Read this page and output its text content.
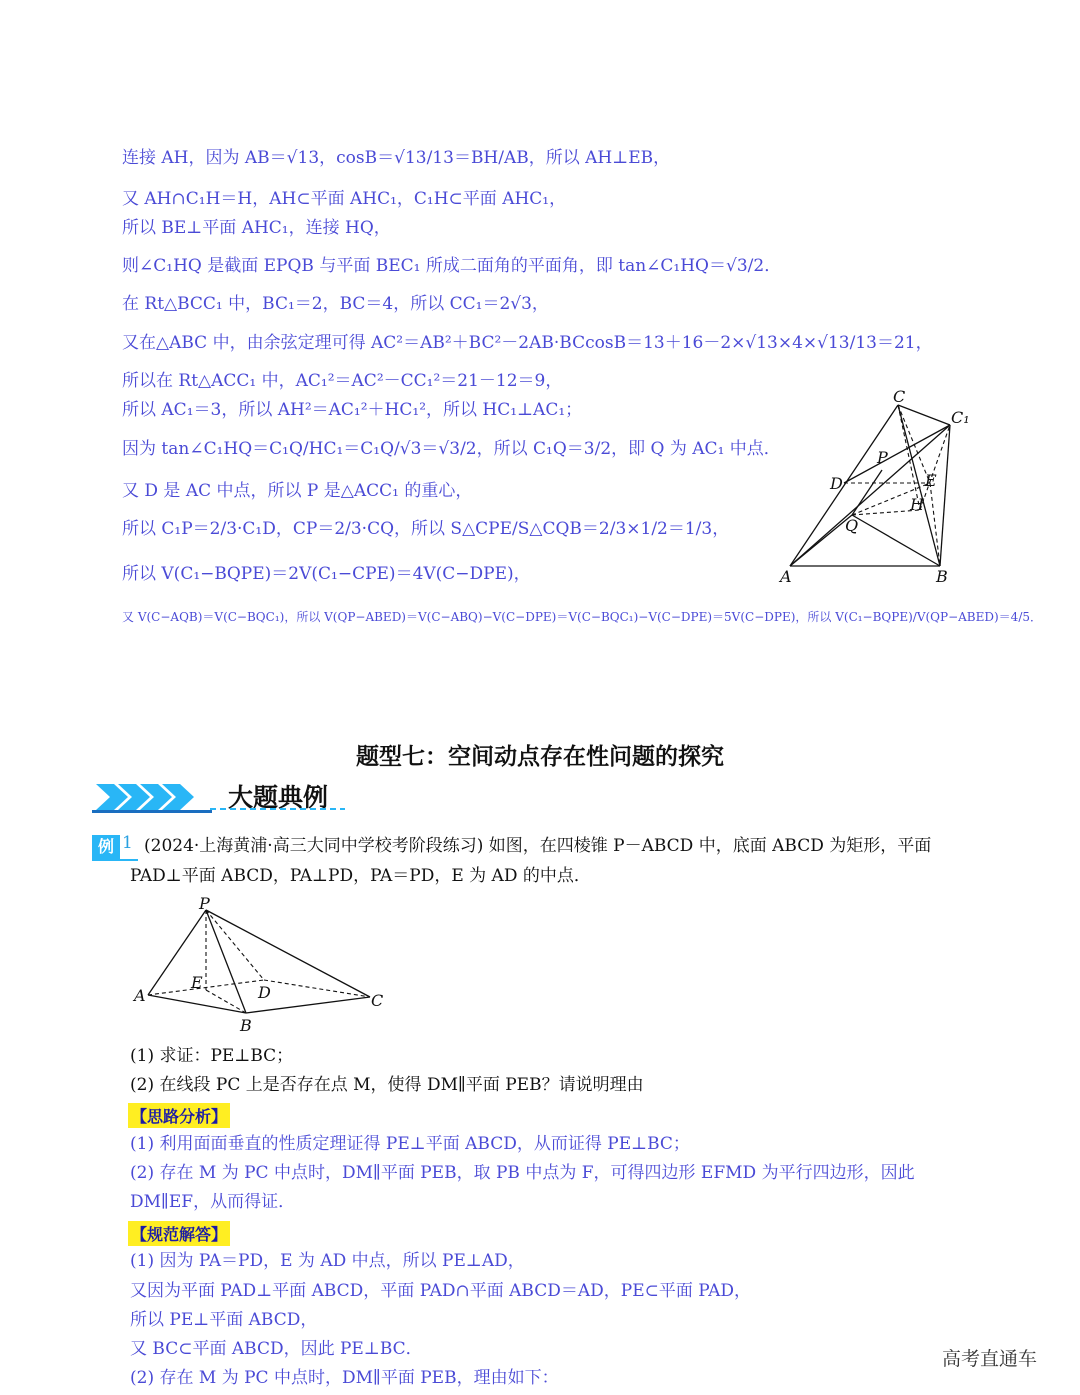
连接 AH，因为 AB＝√13，cosB＝√13/13＝BH/AB，所以 AH⊥EB，
又 AH∩C₁H＝H，AH⊂平面 AHC₁，C₁H⊂平面 AHC₁，
所以 BE⊥平面 AHC₁，连接 HQ，
则∠C₁HQ 是截面 EPQB 与平面 BEC₁ 所成二面角的平面角，即 tan∠C₁HQ＝√3/2．
在 Rt△BCC₁ 中，BC₁＝2，BC＝4，所以 CC₁＝2√3，
又在△ABC 中，由余弦定理可得 AC²＝AB²＋BC²－2AB·BCcosB＝13＋16－2×√13×4×√13/13＝21，
所以在 Rt△ACC₁ 中，AC₁²＝AC²－CC₁²＝21－12＝9，
所以 AC₁＝3，所以 AH²＝AC₁²＋HC₁²，所以 HC₁⊥AC₁；
因为 tan∠C₁HQ＝C₁Q/HC₁＝C₁Q/√3＝√3/2，所以 C₁Q＝3/2，即 Q 为 AC₁ 中点．
又 D 是 AC 中点，所以 P 是△ACC₁ 的重心，
所以 C₁P＝2/3·C₁D，CP＝2/3·CQ，所以 S△CPE/S△CQB＝2/3×1/2＝1/3，
所以 V(C₁−BQPE)＝2V(C₁−CPE)＝4V(C−DPE)，
又 V(C−AQB)＝V(C−BQC₁)，所以 V(QP−ABED)＝V(C−ABQ)−V(C−DPE)＝V(C−BQC₁)−V(C−DPE)＝5V(C−DPE)，所以 V(C₁−BQPE)/V(QP−ABED)＝4/5．
C
C₁
P
D	E
H
Q
A	B
题型七：空间动点存在性问题的探究
大题典例
例 1 (2024·上海黄浦·高三大同中学校考阶段练习) 如图，在四棱锥 P－ABCD 中，底面 ABCD 为矩形，平面
PAD⊥平面 ABCD，PA⊥PD，PA＝PD，E 为 AD 的中点．
P
A
E
D	C
B
(1) 求证：PE⊥BC；
(2) 在线段 PC 上是否存在点 M，使得 DM∥平面 PEB？请说明理由
【思路分析】
(1) 利用面面垂直的性质定理证得 PE⊥平面 ABCD，从而证得 PE⊥BC；
(2) 存在 M 为 PC 中点时，DM∥平面 PEB，取 PB 中点为 F，可得四边形 EFMD 为平行四边形，因此
DM∥EF，从而得证．
【规范解答】
(1) 因为 PA＝PD，E 为 AD 中点，所以 PE⊥AD，
又因为平面 PAD⊥平面 ABCD，平面 PAD∩平面 ABCD＝AD，PE⊂平面 PAD，
所以 PE⊥平面 ABCD，
又 BC⊂平面 ABCD，因此 PE⊥BC．
(2) 存在 M 为 PC 中点时，DM∥平面 PEB，理由如下：
高考直通车
